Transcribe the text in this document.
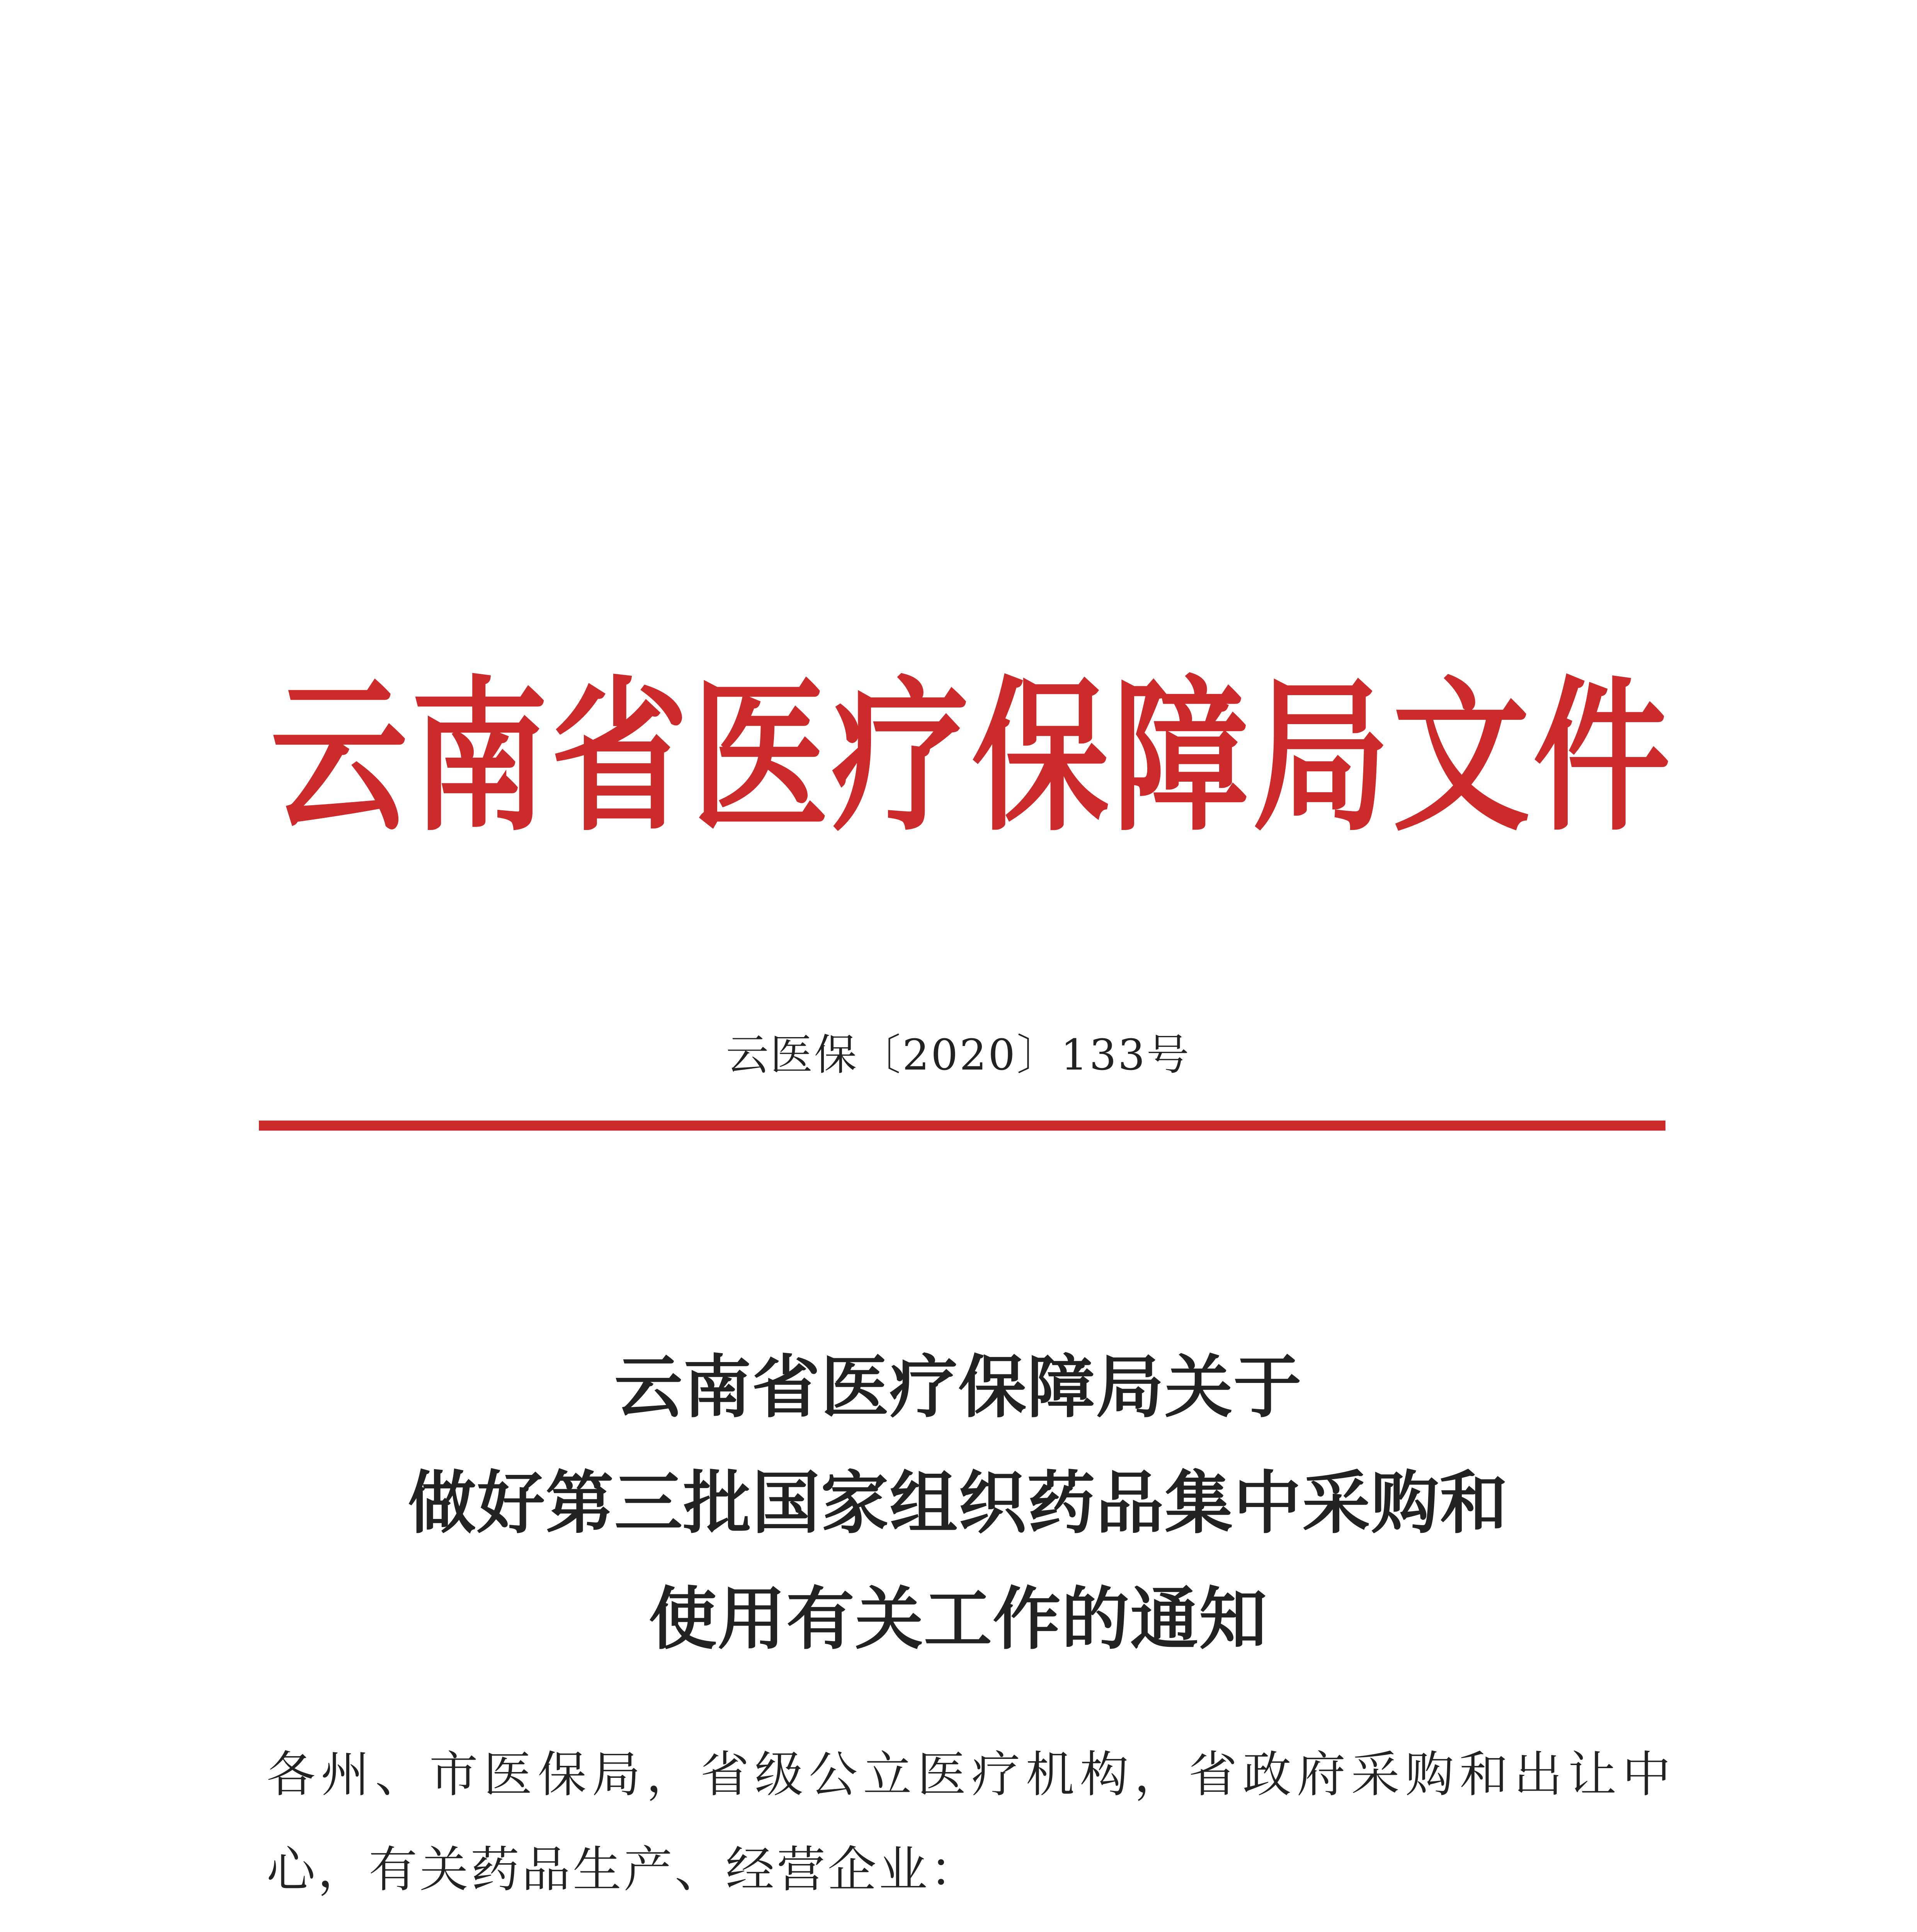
云南省医疗保障局文件
云医保〔2020〕133号
云南省医疗保障局关于
做好第三批国家组织药品集中采购和
使用有关工作的通知

各州、市医保局，省级公立医疗机构，省政府采购和出让中心，有关药品生产、经营企业：
